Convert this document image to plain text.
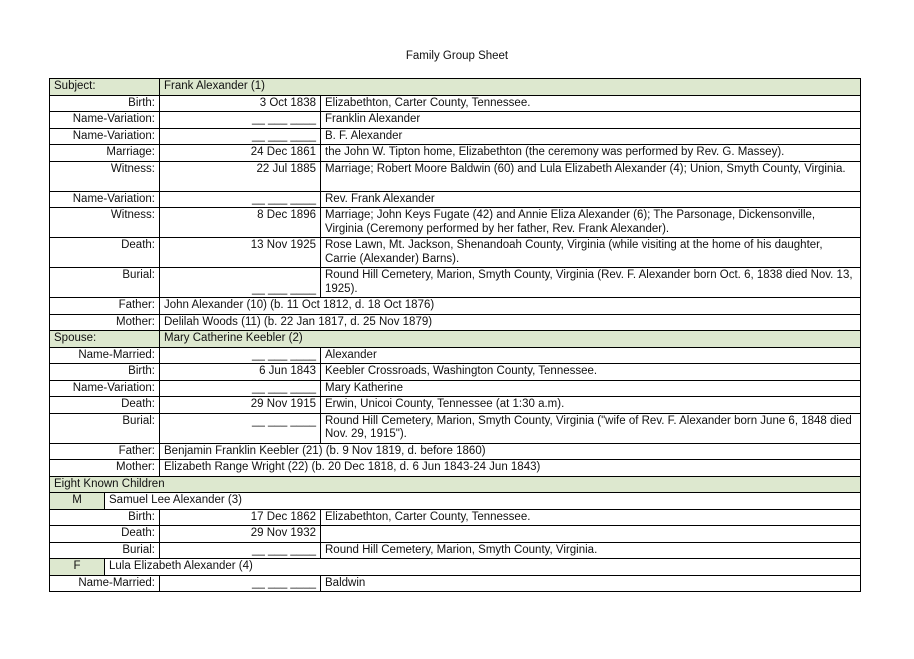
Family Group Sheet
Subject:		Frank Alexander (1)	
Birth:		3 Oct 1838	Elizabethton, Carter County, Tennessee.
Name-Variation:		__ ___ ____	Franklin Alexander
Name-Variation:		__ ___ ____	B. F. Alexander
Marriage:		24 Dec 1861	the John W. Tipton home, Elizabethton (the ceremony was performed by Rev. G. Massey).
Witness:		22 Jul 1885	Marriage; Robert Moore Baldwin (60) and Lula Elizabeth Alexander (4); Union, Smyth County, Virginia.
Name-Variation:		__ ___ ____	Rev. Frank Alexander
Witness:		8 Dec 1896	Marriage; John Keys Fugate (42) and Annie Eliza Alexander (6); The Parsonage, Dickensonville, Virginia (Ceremony performed by her father, Rev. Frank Alexander).
Death:		13 Nov 1925	Rose Lawn, Mt. Jackson, Shenandoah County, Virginia (while visiting at the home of his daughter, Carrie (Alexander) Barns).
Burial:		__ ___ ____	Round Hill Cemetery, Marion, Smyth County, Virginia (Rev. F. Alexander born Oct. 6, 1838 died Nov. 13, 1925).
Father:		John Alexander (10) (b. 11 Oct 1812, d. 18 Oct 1876)	
Mother:		Delilah Woods (11) (b. 22 Jan 1817, d. 25 Nov 1879)	
Spouse:		Mary Catherine Keebler (2)	
Name-Married:		__ ___ ____	Alexander
Birth:		6 Jun 1843	Keebler Crossroads, Washington County, Tennessee.
Name-Variation:		__ ___ ____	Mary Katherine
Death:		29 Nov 1915	Erwin, Unicoi County, Tennessee (at 1:30 a.m).
Burial:		__ ___ ____	Round Hill Cemetery, Marion, Smyth County, Virginia ("wife of Rev. F. Alexander born June 6, 1848 died Nov. 29, 1915").
Father:		Benjamin Franklin Keebler (21) (b. 9 Nov 1819, d. before 1860)	
Mother:		Elizabeth Range Wright (22) (b. 20 Dec 1818, d. 6 Jun 1843-24 Jun 1843)	
Eight Known Children			
M	Samuel Lee Alexander (3)		
Birth:		17 Dec 1862	Elizabethton, Carter County, Tennessee.
Death:		29 Nov 1932	
Burial:		__ ___ ____	Round Hill Cemetery, Marion, Smyth County, Virginia.
F	Lula Elizabeth Alexander (4)		
Name-Married:		__ ___ ____	Baldwin
